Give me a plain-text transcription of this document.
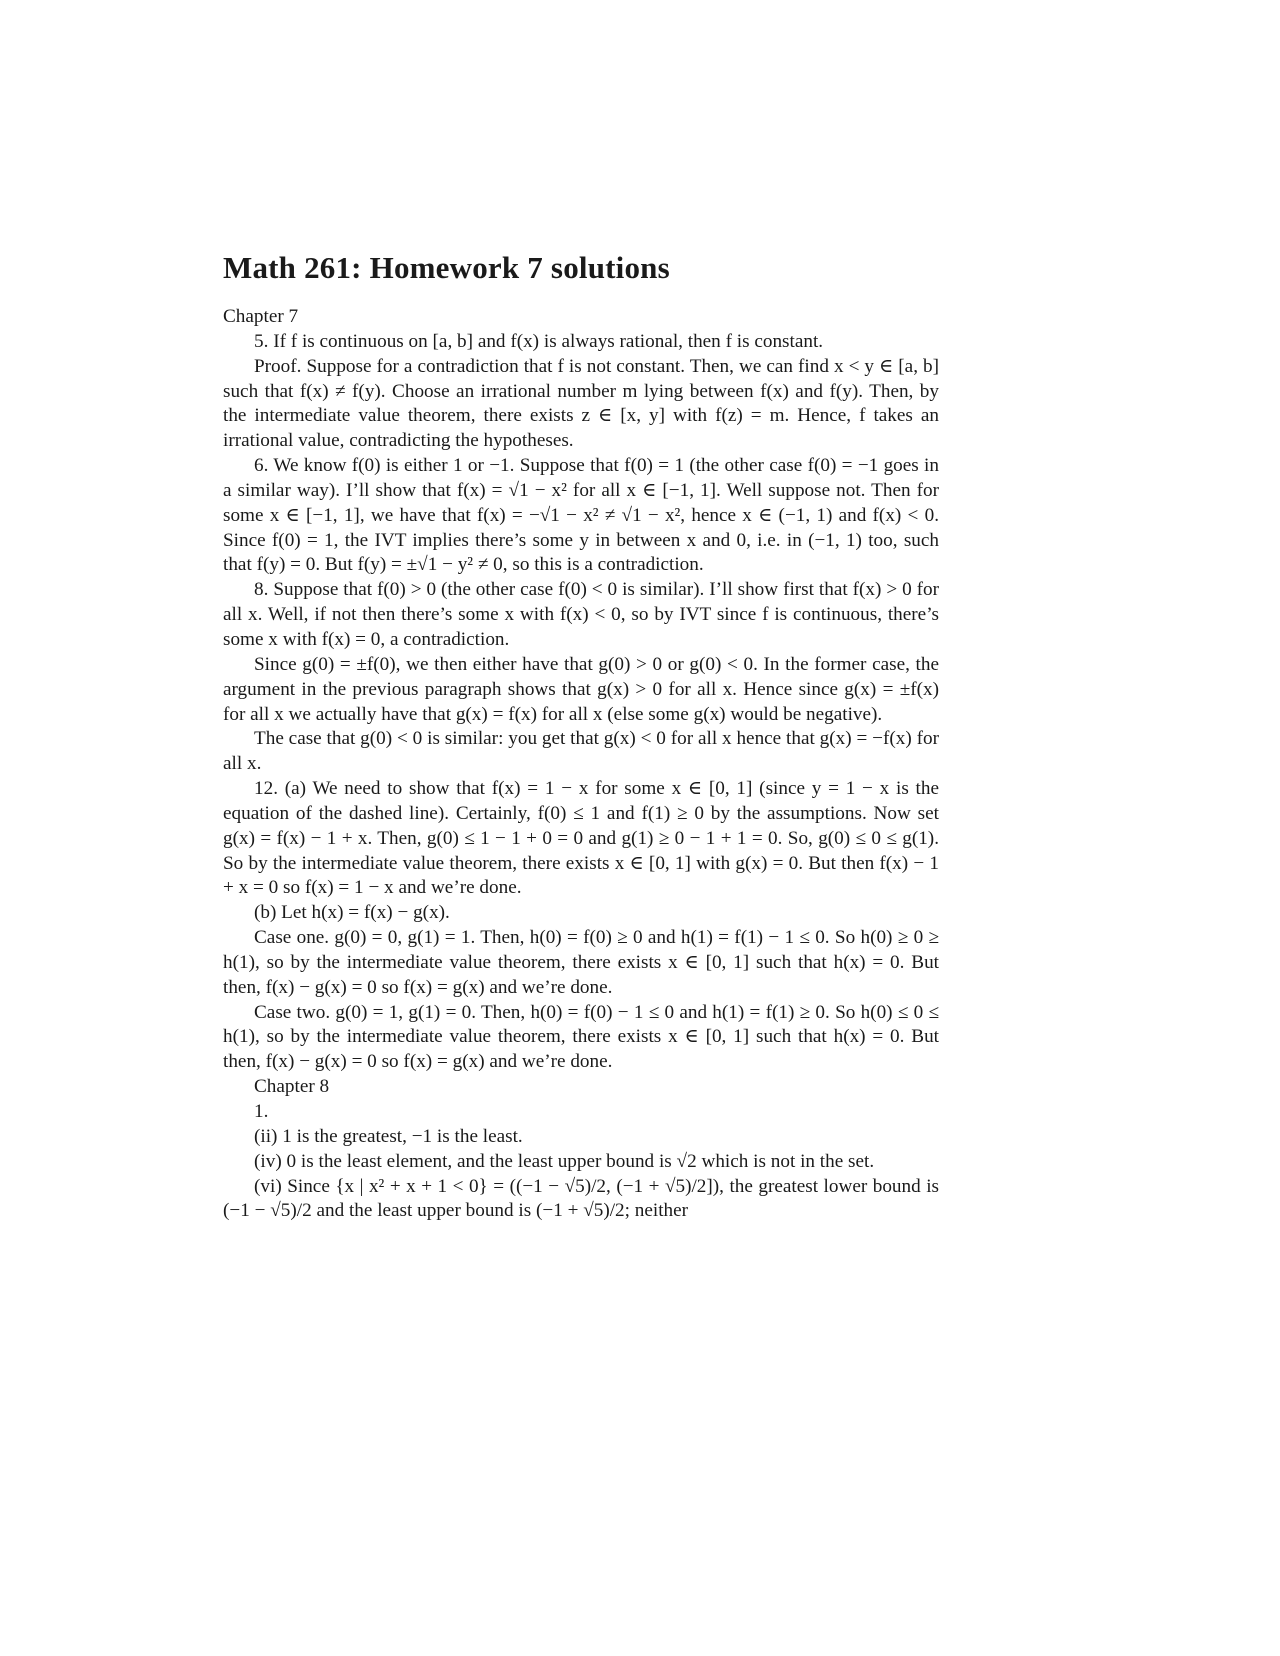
Math 261: Homework 7 solutions

Chapter 7

5. If f is continuous on [a, b] and f(x) is always rational, then f is constant.

Proof. Suppose for a contradiction that f is not constant. Then, we can find x < y ∈ [a, b] such that f(x) ≠ f(y). Choose an irrational number m lying between f(x) and f(y). Then, by the intermediate value theorem, there exists z ∈ [x, y] with f(z) = m. Hence, f takes an irrational value, contradicting the hypotheses.

6. We know f(0) is either 1 or −1. Suppose that f(0) = 1 (the other case f(0) = −1 goes in a similar way). I’ll show that f(x) = √1 − x² for all x ∈ [−1, 1]. Well suppose not. Then for some x ∈ [−1, 1], we have that f(x) = −√1 − x² ≠ √1 − x², hence x ∈ (−1, 1) and f(x) < 0. Since f(0) = 1, the IVT implies there’s some y in between x and 0, i.e. in (−1, 1) too, such that f(y) = 0. But f(y) = ±√1 − y² ≠ 0, so this is a contradiction.

8. Suppose that f(0) > 0 (the other case f(0) < 0 is similar). I’ll show first that f(x) > 0 for all x. Well, if not then there’s some x with f(x) < 0, so by IVT since f is continuous, there’s some x with f(x) = 0, a contradiction.

Since g(0) = ±f(0), we then either have that g(0) > 0 or g(0) < 0. In the former case, the argument in the previous paragraph shows that g(x) > 0 for all x. Hence since g(x) = ±f(x) for all x we actually have that g(x) = f(x) for all x (else some g(x) would be negative).

The case that g(0) < 0 is similar: you get that g(x) < 0 for all x hence that g(x) = −f(x) for all x.

12. (a) We need to show that f(x) = 1 − x for some x ∈ [0, 1] (since y = 1 − x is the equation of the dashed line). Certainly, f(0) ≤ 1 and f(1) ≥ 0 by the assumptions. Now set g(x) = f(x) − 1 + x. Then, g(0) ≤ 1 − 1 + 0 = 0 and g(1) ≥ 0 − 1 + 1 = 0. So, g(0) ≤ 0 ≤ g(1). So by the intermediate value theorem, there exists x ∈ [0, 1] with g(x) = 0. But then f(x) − 1 + x = 0 so f(x) = 1 − x and we’re done.

(b) Let h(x) = f(x) − g(x).

Case one. g(0) = 0, g(1) = 1. Then, h(0) = f(0) ≥ 0 and h(1) = f(1) − 1 ≤ 0. So h(0) ≥ 0 ≥ h(1), so by the intermediate value theorem, there exists x ∈ [0, 1] such that h(x) = 0. But then, f(x) − g(x) = 0 so f(x) = g(x) and we’re done.

Case two. g(0) = 1, g(1) = 0. Then, h(0) = f(0) − 1 ≤ 0 and h(1) = f(1) ≥ 0. So h(0) ≤ 0 ≤ h(1), so by the intermediate value theorem, there exists x ∈ [0, 1] such that h(x) = 0. But then, f(x) − g(x) = 0 so f(x) = g(x) and we’re done.

Chapter 8

1.

(ii) 1 is the greatest, −1 is the least.

(iv) 0 is the least element, and the least upper bound is √2 which is not in the set.

(vi) Since {x | x² + x + 1 < 0} = ((−1 − √5)/2, (−1 + √5)/2]), the greatest lower bound is (−1 − √5)/2 and the least upper bound is (−1 + √5)/2; neither
